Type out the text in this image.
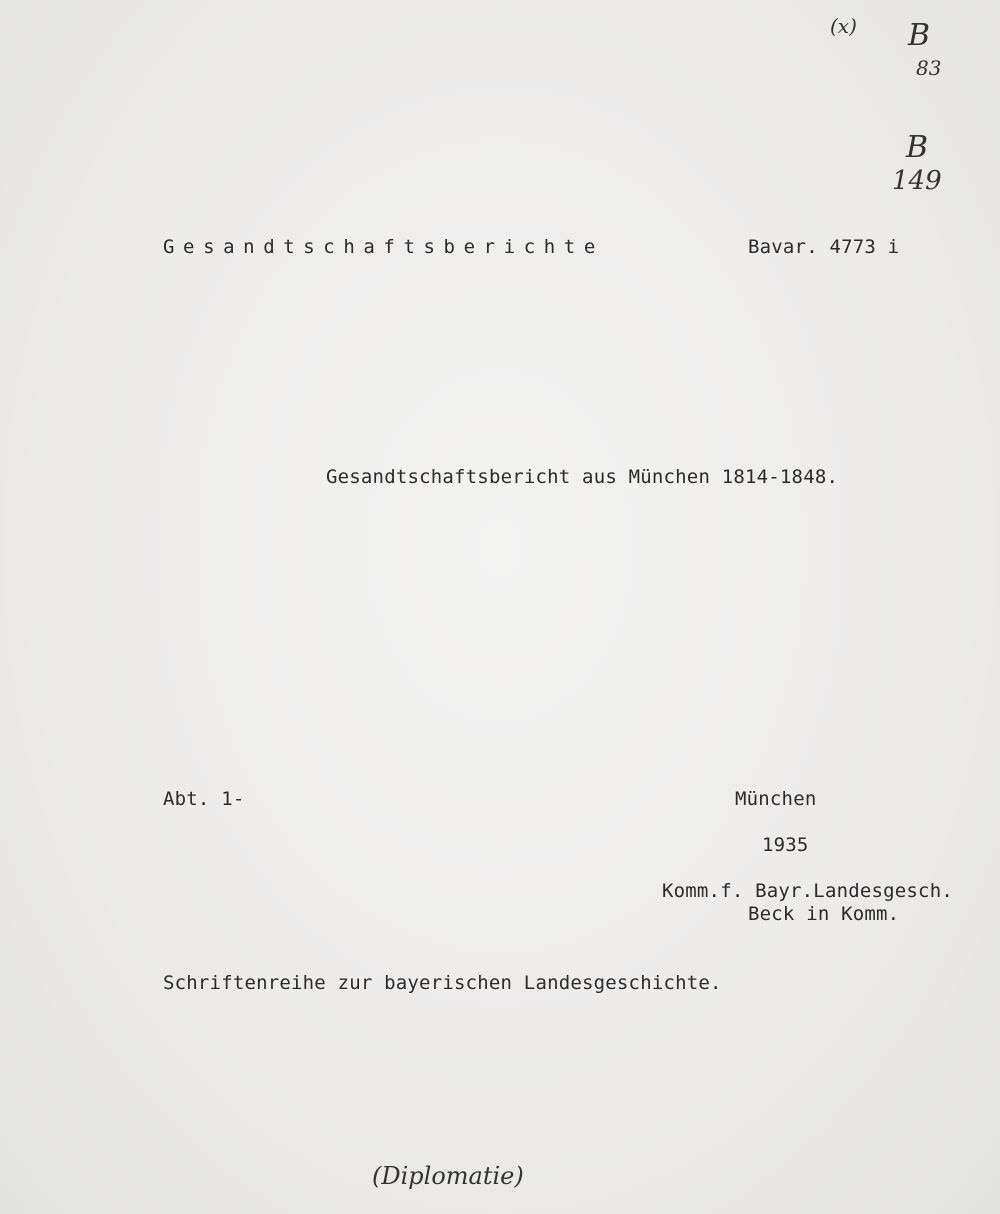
(x) B
83
B
149
Gesandtschaftsberichte	Bavar. 4773 i
Gesandtschaftsbericht aus München 1814-1848.
Abt. 1-	München
1935
Komm.f. Bayr.Landesgesch.
Beck in Komm.
Schriftenreihe zur bayerischen Landesgeschichte.
(Diplomatie)
